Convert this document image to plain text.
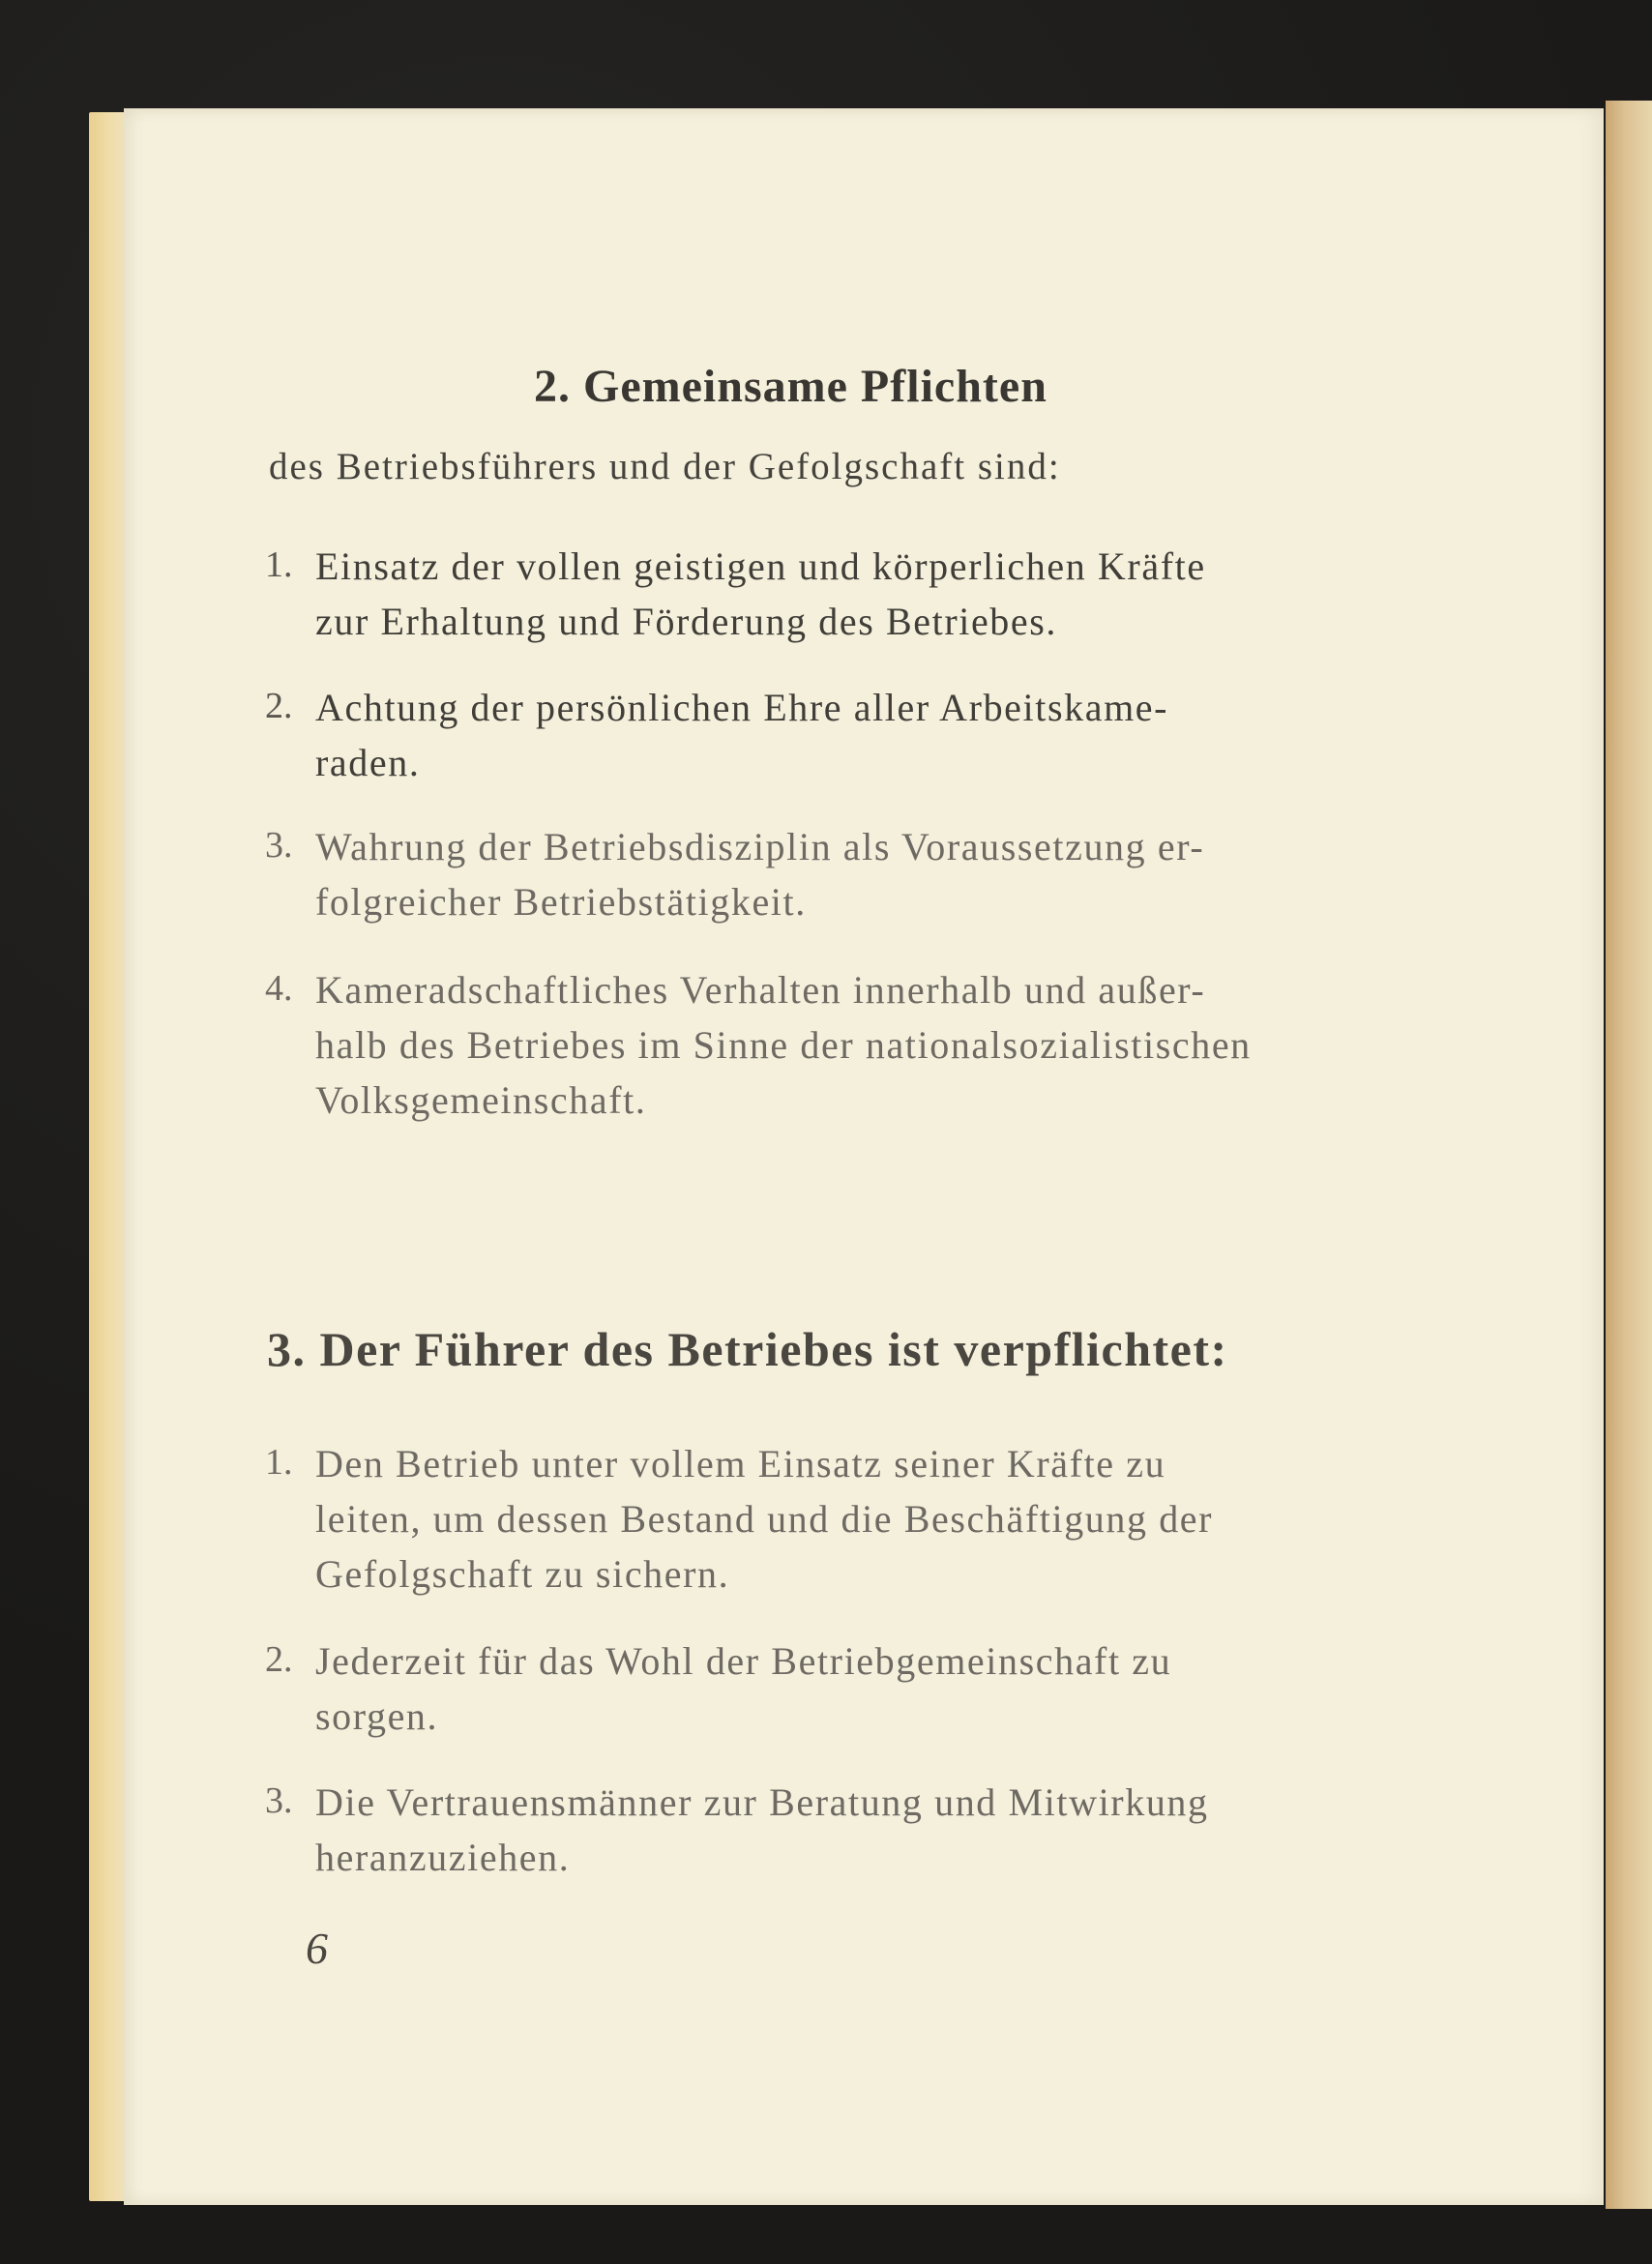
2. Gemeinsame Pflichten
des Betriebsführers und der Gefolgschaft sind:
1. Einsatz der vollen geistigen und körperlichen Kräfte
zur Erhaltung und Förderung des Betriebes.
2. Achtung der persönlichen Ehre aller Arbeitskame-
raden.
3. Wahrung der Betriebsdisziplin als Voraussetzung er-
folgreicher Betriebstätigkeit.
4. Kameradschaftliches Verhalten innerhalb und außer-
halb des Betriebes im Sinne der nationalsozialistischen
Volksgemeinschaft.
3. Der Führer des Betriebes ist verpflichtet:
1. Den Betrieb unter vollem Einsatz seiner Kräfte zu
leiten, um dessen Bestand und die Beschäftigung der
Gefolgschaft zu sichern.
2. Jederzeit für das Wohl der Betriebgemeinschaft zu
sorgen.
3. Die Vertrauensmänner zur Beratung und Mitwirkung
heranzuziehen.
6
